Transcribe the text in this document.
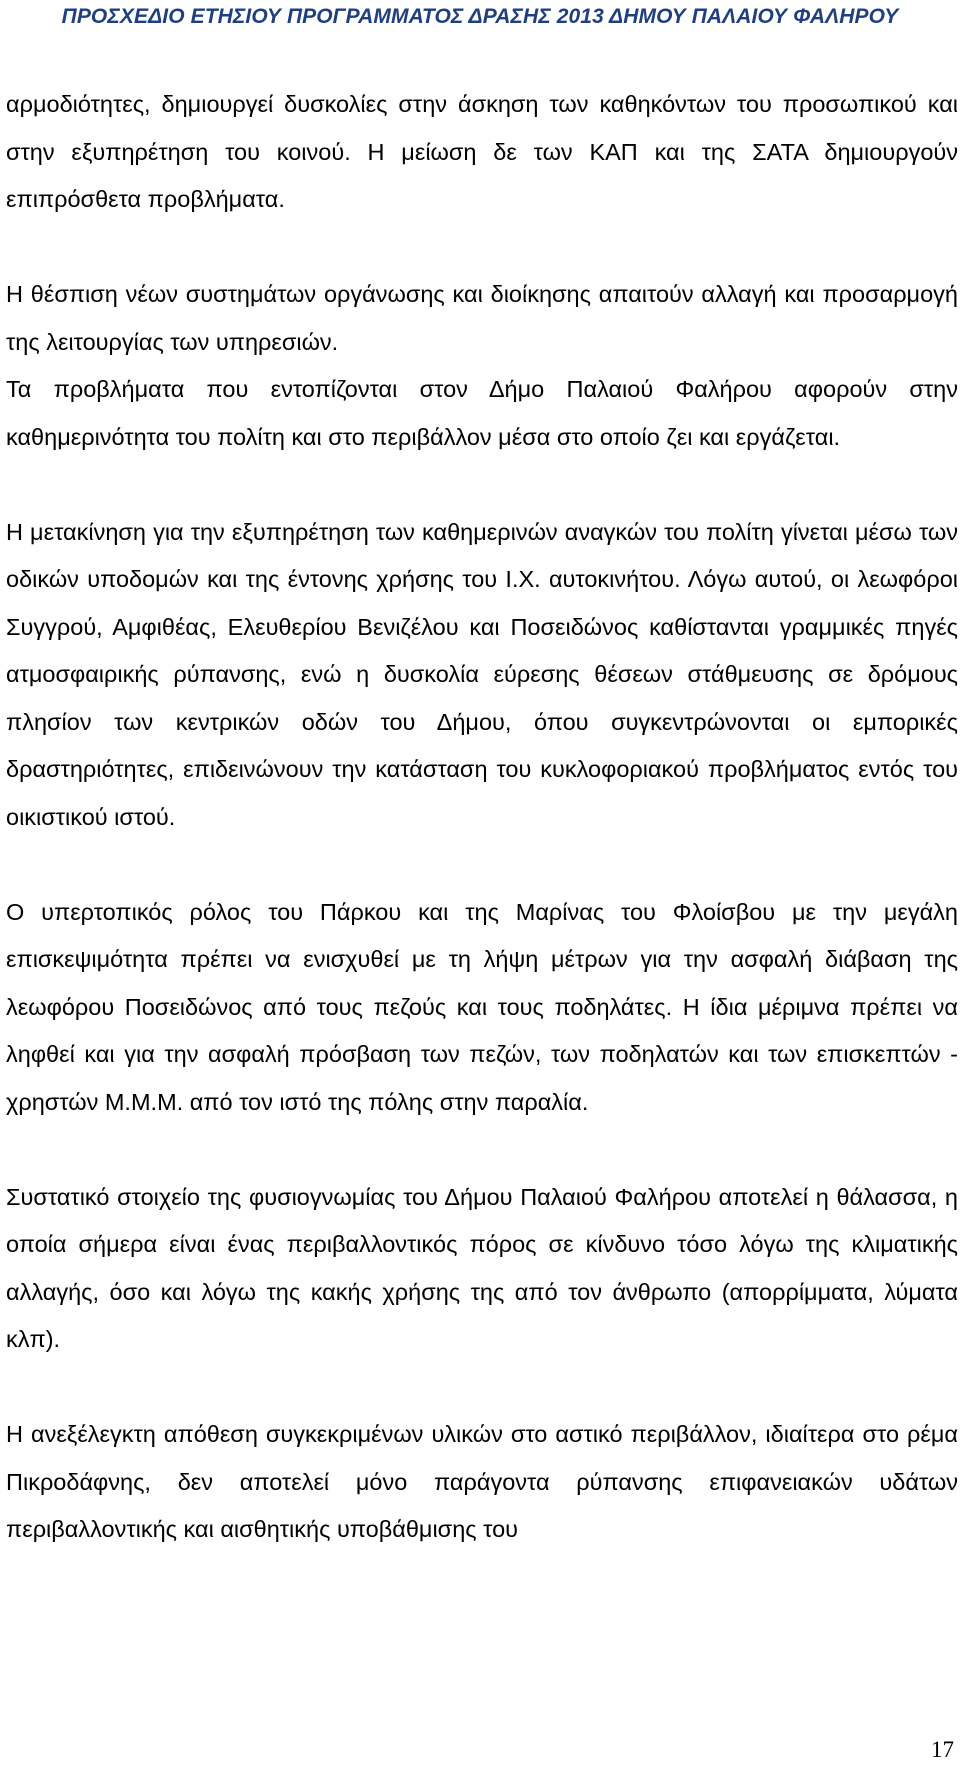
ΠΡΟΣΧΕΔΙΟ ΕΤΗΣΙΟΥ ΠΡΟΓΡΑΜΜΑΤΟΣ ΔΡΑΣΗΣ 2013 ΔΗΜΟΥ ΠΑΛΑΙΟΥ ΦΑΛΗΡΟΥ

αρμοδιότητες, δημιουργεί δυσκολίες στην άσκηση των καθηκόντων του προσωπικού και στην εξυπηρέτηση του κοινού. Η μείωση δε των ΚΑΠ και της ΣΑΤΑ δημιουργούν επιπρόσθετα προβλήματα.

Η θέσπιση νέων συστημάτων οργάνωσης και διοίκησης απαιτούν αλλαγή και προσαρμογή της λειτουργίας των υπηρεσιών.

Τα προβλήματα που εντοπίζονται στον Δήμο Παλαιού Φαλήρου αφορούν στην καθημερινότητα του πολίτη και στο περιβάλλον μέσα στο οποίο ζει και εργάζεται.

Η μετακίνηση για την εξυπηρέτηση των καθημερινών αναγκών του πολίτη γίνεται μέσω των οδικών υποδομών και της έντονης χρήσης του Ι.Χ. αυτοκινήτου. Λόγω αυτού, οι λεωφόροι Συγγρού, Αμφιθέας, Ελευθερίου Βενιζέλου και Ποσειδώνος καθίστανται γραμμικές πηγές ατμοσφαιρικής ρύπανσης, ενώ η δυσκολία εύρεσης θέσεων στάθμευσης σε δρόμους πλησίον των κεντρικών οδών του Δήμου, όπου συγκεντρώνονται οι εμπορικές δραστηριότητες, επιδεινώνουν την κατάσταση του κυκλοφοριακού προβλήματος εντός του οικιστικού ιστού.

Ο υπερτοπικός ρόλος του Πάρκου και της Μαρίνας του Φλοίσβου με την μεγάλη επισκεψιμότητα πρέπει να ενισχυθεί με τη λήψη μέτρων για την ασφαλή διάβαση της λεωφόρου Ποσειδώνος από τους πεζούς και τους ποδηλάτες. Η ίδια μέριμνα πρέπει να ληφθεί και για την ασφαλή πρόσβαση των πεζών, των ποδηλατών και των επισκεπτών - χρηστών Μ.Μ.Μ. από τον ιστό της πόλης στην παραλία.

Συστατικό στοιχείο της φυσιογνωμίας του Δήμου Παλαιού Φαλήρου αποτελεί η θάλασσα, η οποία σήμερα είναι ένας περιβαλλοντικός πόρος σε κίνδυνο τόσο λόγω της κλιματικής αλλαγής, όσο και λόγω της κακής χρήσης της από τον άνθρωπο (απορρίμματα, λύματα κλπ).

Η ανεξέλεγκτη απόθεση συγκεκριμένων υλικών στο αστικό περιβάλλον, ιδιαίτερα στο ρέμα Πικροδάφνης, δεν αποτελεί μόνο παράγοντα ρύπανσης επιφανειακών υδάτων περιβαλλοντικής και αισθητικής υποβάθμισης του

17
